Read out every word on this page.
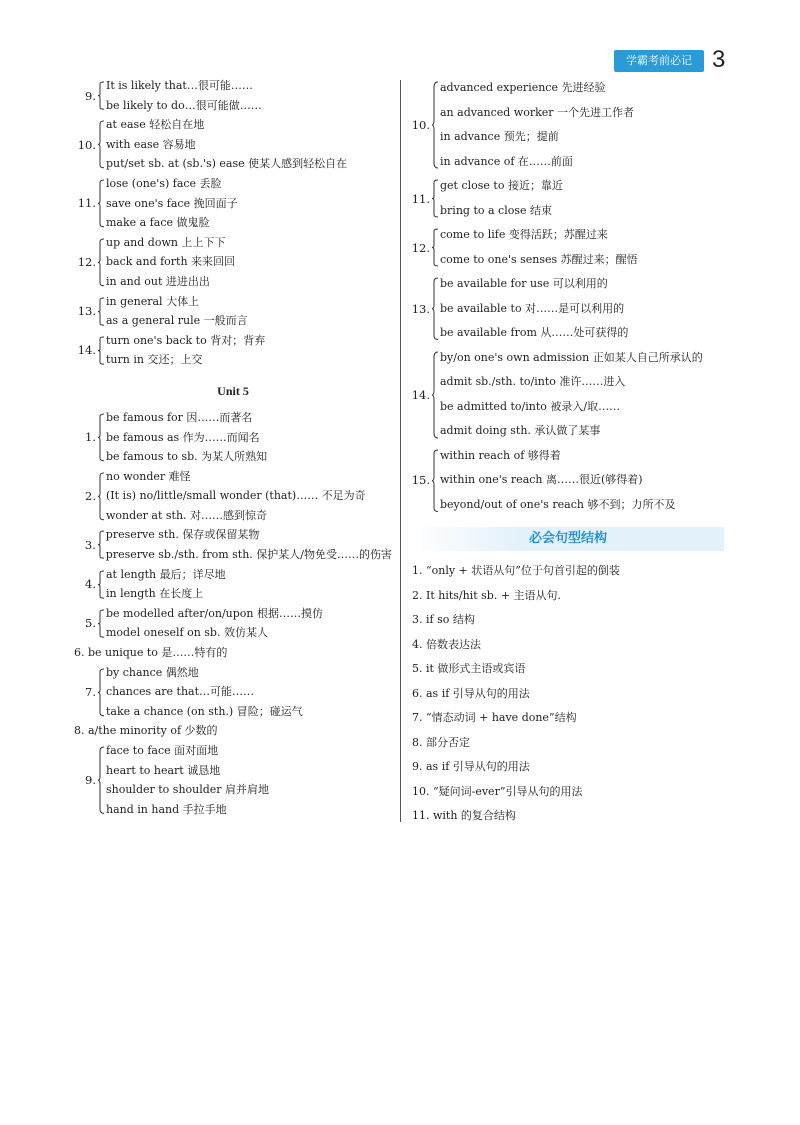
学霸考前必记 3
9.
It is likely that…很可能……
be likely to do…很可能做……
10.
at ease 轻松自在地
with ease 容易地
put/set sb. at (sb.'s) ease 使某人感到轻松自在
11.
lose (one's) face 丢脸
save one's face 挽回面子
make a face 做鬼脸
12.
up and down 上上下下
back and forth 来来回回
in and out 进进出出
13.
in general 大体上
as a general rule 一般而言
14.
turn one's back to 背对；背弃
turn in 交还；上交
Unit 5
1.
be famous for 因……而著名
be famous as 作为……而闻名
be famous to sb. 为某人所熟知
2.
no wonder 难怪
(It is) no/little/small wonder (that)…… 不足为奇
wonder at sth. 对……感到惊奇
3.
preserve sth. 保存或保留某物
preserve sb./sth. from sth. 保护某人/物免受……的伤害
4.
at length 最后；详尽地
in length 在长度上
5.
be modelled after/on/upon 根据……摸仿
model oneself on sb. 效仿某人
6. be unique to 是……特有的
7.
by chance 偶然地
chances are that…可能……
take a chance (on sth.) 冒险；碰运气
8. a/the minority of 少数的
9.
face to face 面对面地
heart to heart 诚恳地
shoulder to shoulder 肩并肩地
hand in hand 手拉手地
10.
advanced experience 先进经验
an advanced worker 一个先进工作者
in advance 预先；提前
in advance of 在……前面
11.
get close to 接近；靠近
bring to a close 结束
12.
come to life 变得活跃；苏醒过来
come to one's senses 苏醒过来；醒悟
13.
be available for use 可以利用的
be available to 对……是可以利用的
be available from 从……处可获得的
14.
by/on one's own admission 正如某人自己所承认的
admit sb./sth. to/into 准许……进入
be admitted to/into 被录入/取……
admit doing sth. 承认做了某事
15.
within reach of 够得着
within one's reach 离……很近(够得着)
beyond/out of one's reach 够不到；力所不及
必会句型结构
1. “only + 状语从句”位于句首引起的倒装
2. It hits/hit sb. + 主语从句.
3. if so 结构
4. 倍数表达法
5. it 做形式主语或宾语
6. as if 引导从句的用法
7. “情态动词 + have done”结构
8. 部分否定
9. as if 引导从句的用法
10. “疑问词-ever”引导从句的用法
11. with 的复合结构
